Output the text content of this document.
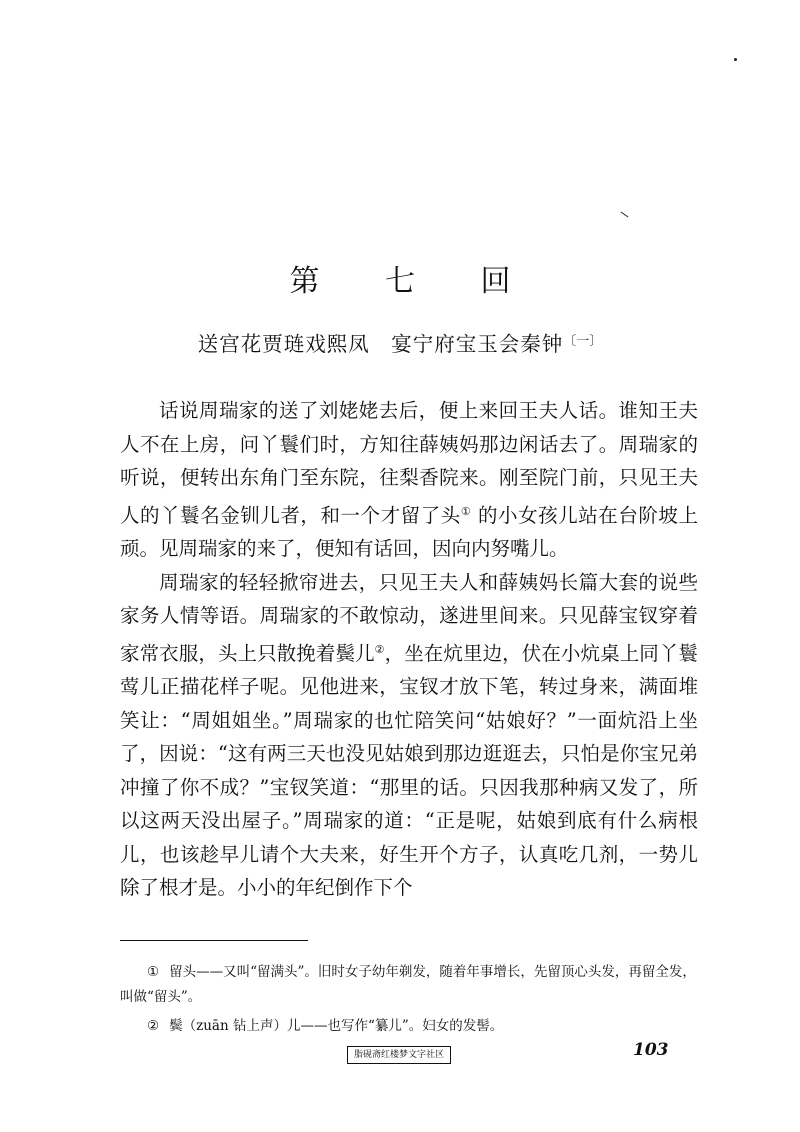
第 七 回
送宫花贾琏戏熙凤　宴宁府宝玉会秦钟$^{〔一〕}$

话说周瑞家的送了刘姥姥去后，便上来回王夫人话。谁知王夫人不在上房，问丫鬟们时，方知往薛姨妈那边闲话去了。周瑞家的听说，便转出东角门至东院，往梨香院来。刚至院门前，只见王夫人的丫鬟名金钏儿者，和一个才留了头① 的小女孩儿站在台阶坡上顽。见周瑞家的来了，便知有话回，因向内努嘴儿。

周瑞家的轻轻掀帘进去，只见王夫人和薛姨妈长篇大套的说些家务人情等语。周瑞家的不敢惊动，遂进里间来。只见薛宝钗穿着家常衣服，头上只散挽着鬓儿②，坐在炕里边，伏在小炕桌上同丫鬟莺儿正描花样子呢。见他进来，宝钗才放下笔，转过身来，满面堆笑让：“周姐姐坐。”周瑞家的也忙陪笑问“姑娘好？”一面炕沿上坐了，因说：“这有两三天也没见姑娘到那边逛逛去，只怕是你宝兄弟冲撞了你不成？”宝钗笑道：“那里的话。只因我那种病又发了，所以这两天没出屋子。”周瑞家的道：“正是呢，姑娘到底有什么病根儿，也该趁早儿请个大夫来，好生开个方子，认真吃几剂，一势儿除了根才是。小小的年纪倒作下个

① 留头——又叫“留满头”。旧时女子幼年剃发，随着年事增长，先留顶心头发，再留全发，叫做“留头”。

② 鬓（zuān 钻上声）儿——也写作“纂儿”。妇女的发髻。

脂砚斋红楼梦文字社区	103
